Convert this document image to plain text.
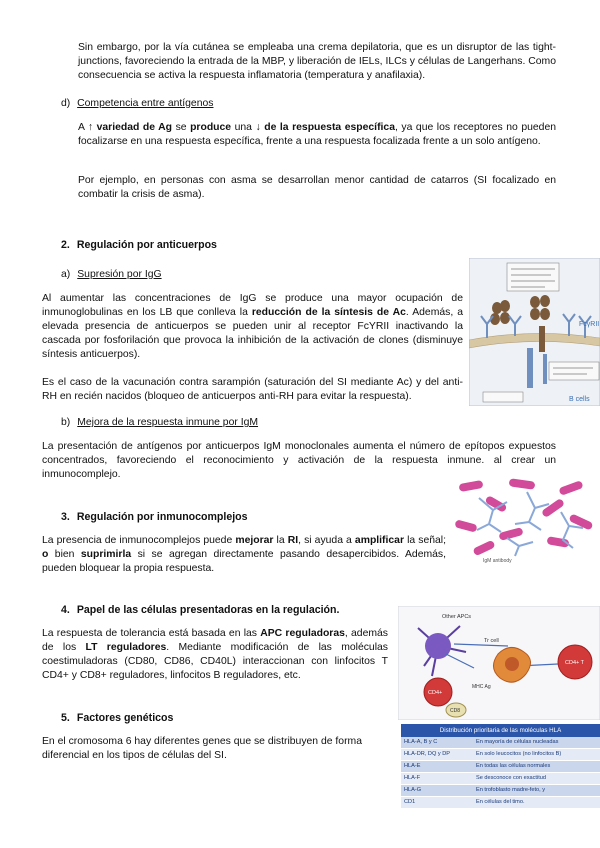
Sin embargo, por la vía cutánea se empleaba una crema depilatoria, que es un disruptor de las tight-junctions, favoreciendo la entrada de la MBP, y liberación de IELs, ILCs y células de Langerhans. Como consecuencia se activa la respuesta inflamatoria (temperatura y anafilaxia).

d) Competencia entre antígenos

A ↑ variedad de Ag se produce una ↓ de la respuesta específica, ya que los receptores no pueden focalizarse en una respuesta específica, frente a una respuesta focalizada frente a un solo antígeno.

Por ejemplo, en personas con asma se desarrollan menor cantidad de catarros (SI focalizado en combatir la crisis de asma).

2. Regulación por anticuerpos
a) Supresión por IgG

Al aumentar las concentraciones de IgG se produce una mayor ocupación de inmunoglobulinas en los LB que conlleva la reducción de la síntesis de Ac. Además, a elevada presencia de anticuerpos se pueden unir al receptor FcYRII inactivando la cascada por fosforilación que provoca la inhibición de la activación de clones (disminuye síntesis anticuerpos).

Es el caso de la vacunación contra sarampión (saturación del SI mediante Ac) y del anti-RH en recién nacidos (bloqueo de anticuerpos anti-RH para evitar la respuesta).

FcγRII
B cells
b) Mejora de la respuesta inmune por IgM

La presentación de antígenos por anticuerpos IgM monoclonales aumenta el número de epítopos expuestos concentrados, favoreciendo el reconocimiento y activación de la respuesta inmune. al crear un inmunocomplejo.

IgM antibody
3. Regulación por inmunocomplejos

La presencia de inmunocomplejos puede mejorar la RI, si ayuda a amplificar la señal; o bien suprimirla si se agregan directamente pasando desapercibidos. Además, pueden bloquear la propia respuesta.

4. Papel de las células presentadoras en la regulación.

La respuesta de tolerancia está basada en las APC reguladoras, además de los LT reguladores. Mediante modificación de las moléculas coestimuladoras (CD80, CD86, CD40L) interaccionan con linfocitos T CD4+ y CD8+ reguladores, linfocitos B reguladores, etc.

Other APCs
Tr cell
CD4+ T
CD4+
CD8
MHC Ag
5. Factores genéticos

En el cromosoma 6 hay diferentes genes que se distribuyen de forma diferencial en los tipos de células del SI.

Distribución prioritaria de las moléculas HLA
HLA-A, B y C	En mayoría de células nucleadas
HLA-DR, DQ y DP	En solo leucocitos (no linfocitos B)
HLA-E	En todas las células normales
HLA-F	Se desconoce con exactitud
HLA-G	En trofoblasto madre-feto, y
CD1	En células del timo.
